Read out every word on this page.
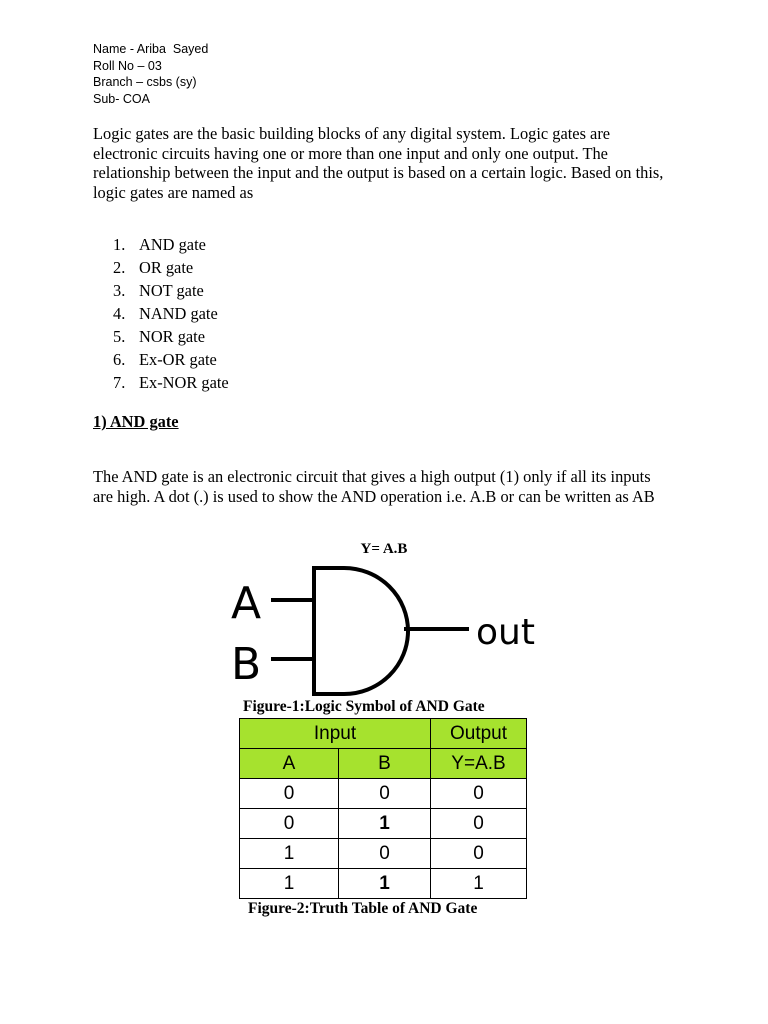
Name - Ariba  Sayed
Roll No – 03
Branch – csbs (sy)
Sub- COA

Logic gates are the basic building blocks of any digital system. Logic gates are electronic circuits having one or more than one input and only one output. The relationship between the input and the output is based on a certain logic. Based on this, logic gates are named as

1. AND gate
2. OR gate
3. NOT gate
4. NAND gate
5. NOR gate
6. Ex-OR gate
7. Ex-NOR gate
1) AND gate

The AND gate is an electronic circuit that gives a high output (1) only if all its inputs are high. A dot (.) is used to show the AND operation i.e. A.B or can be written as AB

Y= A.B
A
B
out
Figure-1:Logic Symbol of AND Gate
Input		Output
A	B	Y=A.B
0	0	0
0	1	0
1	0	0
1	1	1
Figure-2:Truth Table of AND Gate
